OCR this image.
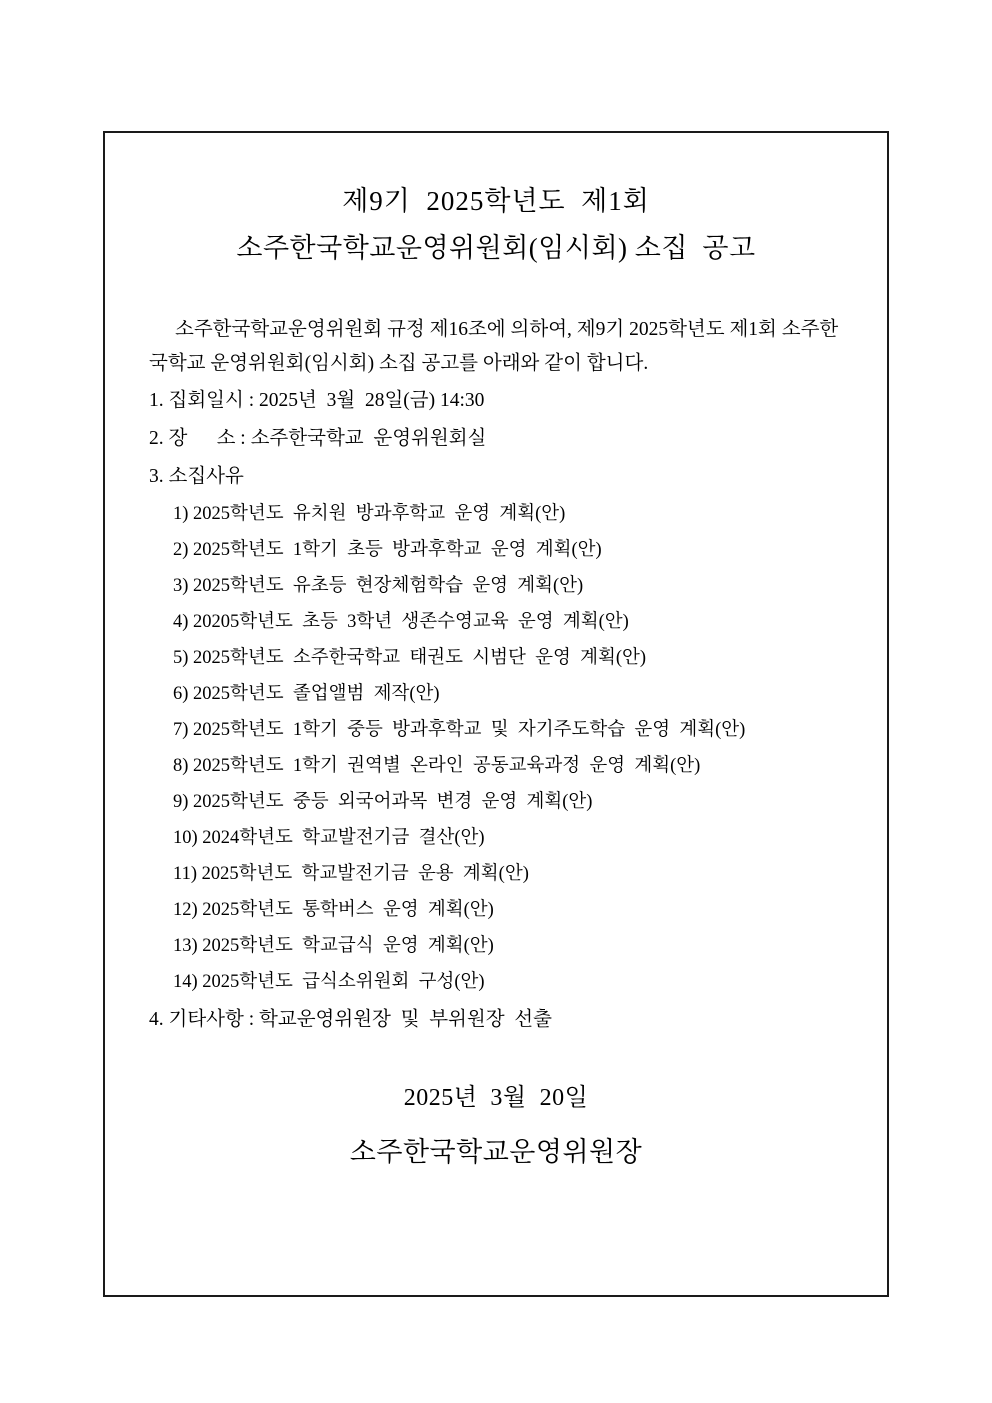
제9기  2025학년도  제1회
소주한국학교운영위원회(임시회) 소집  공고
소주한국학교운영위원회 규정 제16조에 의하여, 제9기 2025학년도 제1회 소주한국학교 운영위원회(임시회) 소집 공고를 아래와 같이 합니다.
1. 집회일시 : 2025년  3월  28일(금) 14:30
2. 장      소 : 소주한국학교  운영위원회실
3. 소집사유
1) 2025학년도  유치원  방과후학교  운영  계획(안)
2) 2025학년도  1학기  초등  방과후학교  운영  계획(안)
3) 2025학년도  유초등  현장체험학습  운영  계획(안)
4) 20205학년도  초등  3학년  생존수영교육  운영  계획(안)
5) 2025학년도  소주한국학교  태권도  시범단  운영  계획(안)
6) 2025학년도  졸업앨범  제작(안)
7) 2025학년도  1학기  중등  방과후학교  및  자기주도학습  운영  계획(안)
8) 2025학년도  1학기  권역별  온라인  공동교육과정  운영  계획(안)
9) 2025학년도  중등  외국어과목  변경  운영  계획(안)
10) 2024학년도  학교발전기금  결산(안)
11) 2025학년도  학교발전기금  운용  계획(안)
12) 2025학년도  통학버스  운영  계획(안)
13) 2025학년도  학교급식  운영  계획(안)
14) 2025학년도  급식소위원회  구성(안)
4. 기타사항 : 학교운영위원장  및  부위원장  선출
2025년  3월  20일
소주한국학교운영위원장
